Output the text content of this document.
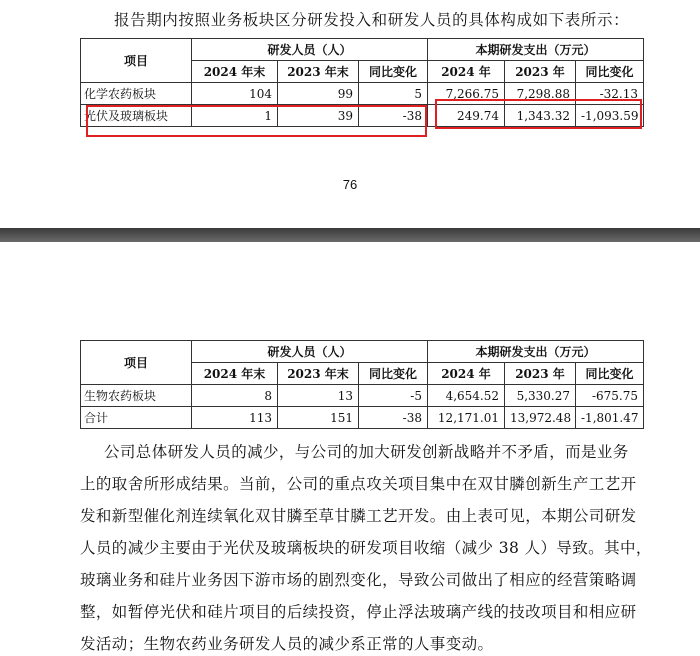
报告期内按照业务板块区分研发投入和研发人员的具体构成如下表所示：
项目	研发人员（人）			本期研发支出（万元）		
	2024 年末	2023 年末	同比变化	2024 年	2023 年	同比变化
化学农药板块	104	99	5	7,266.75	7,298.88	-32.13
光伏及玻璃板块	1	39	-38	249.74	1,343.32	-1,093.59
76
项目	研发人员（人）			本期研发支出（万元）		
	2024 年末	2023 年末	同比变化	2024 年	2023 年	同比变化
生物农药板块	8	13	-5	4,654.52	5,330.27	-675.75
合计	113	151	-38	12,171.01	13,972.48	-1,801.47
公司总体研发人员的减少，与公司的加大研发创新战略并不矛盾，而是业务
上的取舍所形成结果。当前，公司的重点攻关项目集中在双甘膦创新生产工艺开
发和新型催化剂连续氧化双甘膦至草甘膦工艺开发。由上表可见，本期公司研发
人员的减少主要由于光伏及玻璃板块的研发项目收缩（减少 38 人）导致。其中，
玻璃业务和硅片业务因下游市场的剧烈变化，导致公司做出了相应的经营策略调
整，如暂停光伏和硅片项目的后续投资，停止浮法玻璃产线的技改项目和相应研
发活动；生物农药业务研发人员的减少系正常的人事变动。
